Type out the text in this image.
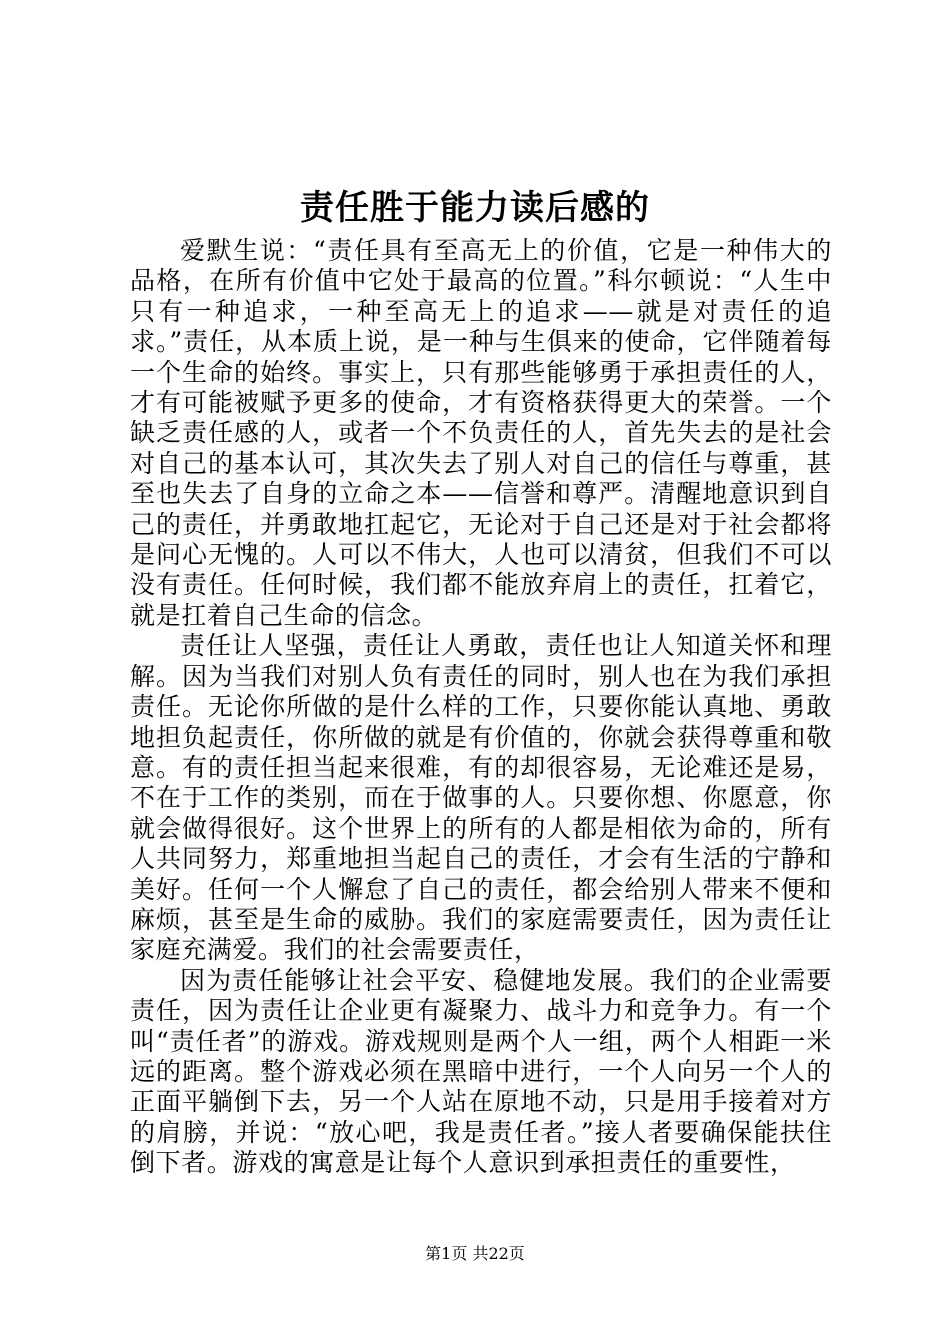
责任胜于能力读后感的

爱默生说：“责任具有至高无上的价值，它是一种伟大的品格，在所有价值中它处于最高的位置。”科尔顿说：“人生中只有一种追求，一种至高无上的追求——就是对责任的追求。”责任，从本质上说，是一种与生俱来的使命，它伴随着每一个生命的始终。事实上，只有那些能够勇于承担责任的人，才有可能被赋予更多的使命，才有资格获得更大的荣誉。一个缺乏责任感的人，或者一个不负责任的人，首先失去的是社会对自己的基本认可，其次失去了别人对自己的信任与尊重，甚至也失去了自身的立命之本——信誉和尊严。清醒地意识到自己的责任，并勇敢地扛起它，无论对于自己还是对于社会都将是问心无愧的。人可以不伟大，人也可以清贫，但我们不可以没有责任。任何时候，我们都不能放弃肩上的责任，扛着它，就是扛着自己生命的信念。

责任让人坚强，责任让人勇敢，责任也让人知道关怀和理解。因为当我们对别人负有责任的同时，别人也在为我们承担责任。无论你所做的是什么样的工作，只要你能认真地、勇敢地担负起责任，你所做的就是有价值的，你就会获得尊重和敬意。有的责任担当起来很难，有的却很容易，无论难还是易，不在于工作的类别，而在于做事的人。只要你想、你愿意，你就会做得很好。这个世界上的所有的人都是相依为命的，所有人共同努力，郑重地担当起自己的责任，才会有生活的宁静和美好。任何一个人懈怠了自己的责任，都会给别人带来不便和麻烦，甚至是生命的威胁。我们的家庭需要责任，因为责任让家庭充满爱。我们的社会需要责任，

因为责任能够让社会平安、稳健地发展。我们的企业需要责任，因为责任让企业更有凝聚力、战斗力和竞争力。有一个叫“责任者”的游戏。游戏规则是两个人一组，两个人相距一米远的距离。整个游戏必须在黑暗中进行，一个人向另一个人的正面平躺倒下去，另一个人站在原地不动，只是用手接着对方的肩膀，并说：“放心吧，我是责任者。”接人者要确保能扶住倒下者。游戏的寓意是让每个人意识到承担责任的重要性，

第1页 共22页
